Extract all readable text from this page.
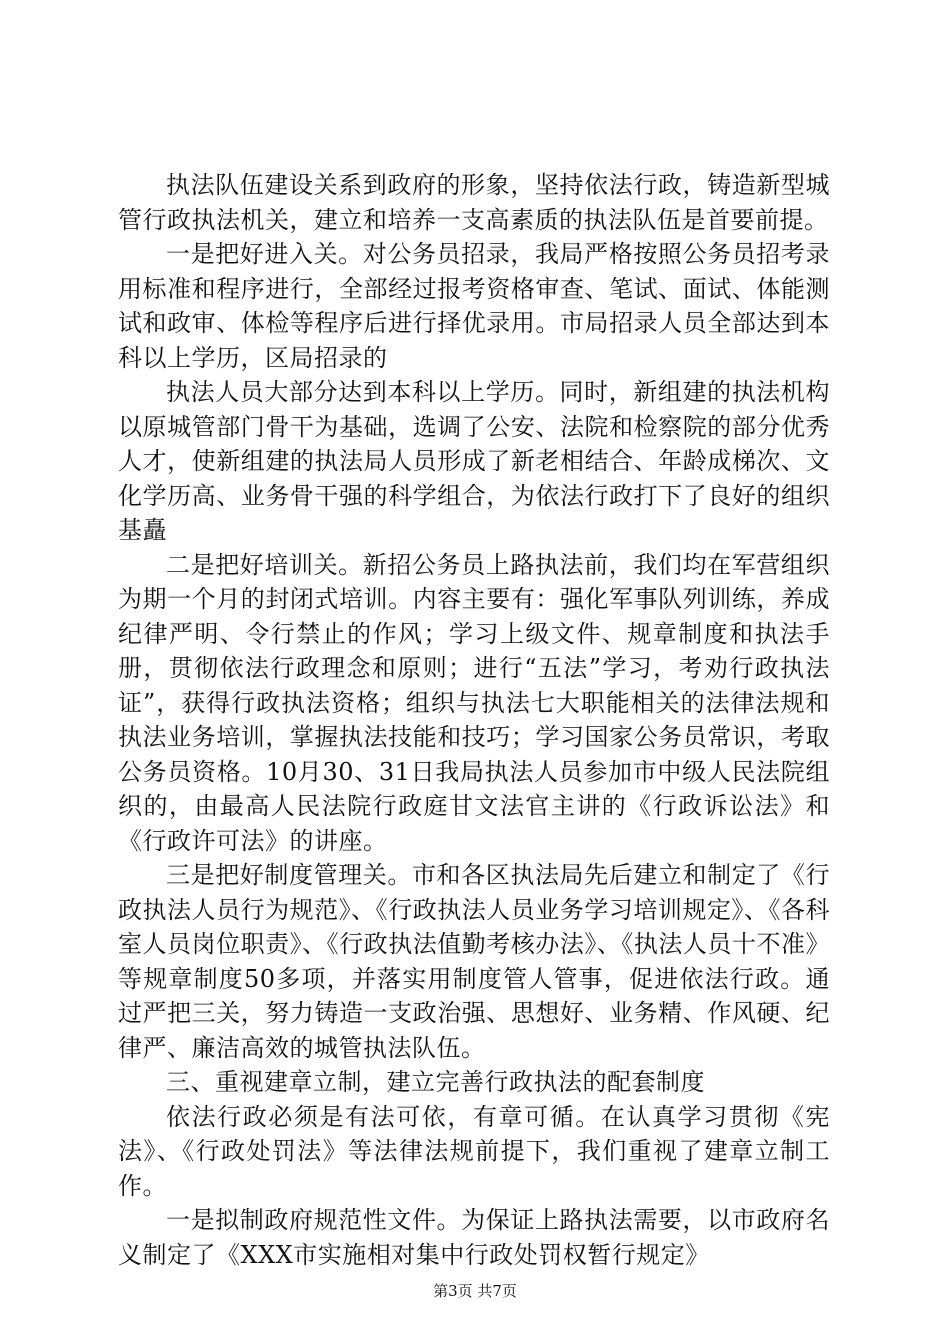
执法队伍建设关系到政府的形象，坚持依法行政，铸造新型城管行政执法机关，建立和培养一支高素质的执法队伍是首要前提。

一是把好进入关。对公务员招录，我局严格按照公务员招考录用标准和程序进行，全部经过报考资格审查、笔试、面试、体能测试和政审、体检等程序后进行择优录用。市局招录人员全部达到本科以上学历，区局招录的

执法人员大部分达到本科以上学历。同时，新组建的执法机构以原城管部门骨干为基础，选调了公安、法院和检察院的部分优秀人才，使新组建的执法局人员形成了新老相结合、年龄成梯次、文化学历高、业务骨干强的科学组合，为依法行政打下了良好的组织基矗

二是把好培训关。新招公务员上路执法前，我们均在军营组织为期一个月的封闭式培训。内容主要有：强化军事队列训练，养成纪律严明、令行禁止的作风；学习上级文件、规章制度和执法手册，贯彻依法行政理念和原则；进行“五法”学习，考劝行政执法证”，获得行政执法资格；组织与执法七大职能相关的法律法规和执法业务培训，掌握执法技能和技巧；学习国家公务员常识，考取公务员资格。10月30、31日我局执法人员参加市中级人民法院组织的，由最高人民法院行政庭甘文法官主讲的《行政诉讼法》和《行政许可法》的讲座。

三是把好制度管理关。市和各区执法局先后建立和制定了《行政执法人员行为规范》、《行政执法人员业务学习培训规定》、《各科室人员岗位职责》、《行政执法值勤考核办法》、《执法人员十不准》等规章制度50多项，并落实用制度管人管事，促进依法行政。通过严把三关，努力铸造一支政治强、思想好、业务精、作风硬、纪律严、廉洁高效的城管执法队伍。

三、重视建章立制，建立完善行政执法的配套制度

依法行政必须是有法可依，有章可循。在认真学习贯彻《宪法》、《行政处罚法》等法律法规前提下，我们重视了建章立制工作。

一是拟制政府规范性文件。为保证上路执法需要，以市政府名义制定了《XXX市实施相对集中行政处罚权暂行规定》

第3页 共7页
